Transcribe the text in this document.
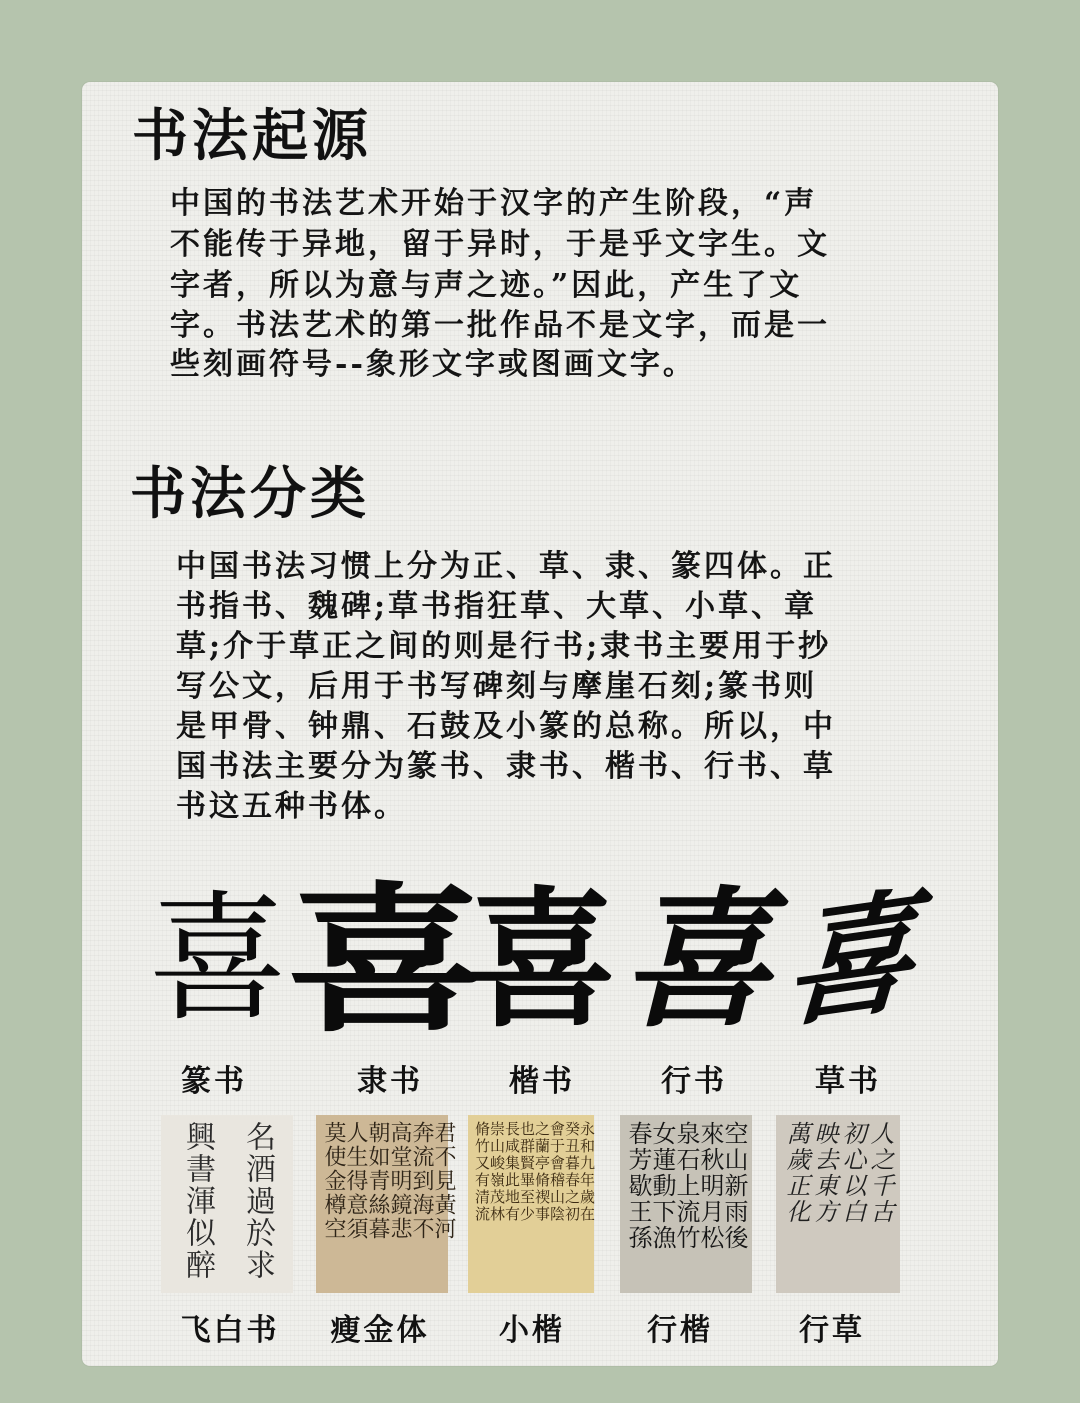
书法起源

中国的书法艺术开始于汉字的产生阶段，“声

不能传于异地，留于异时，于是乎文字生。文

字者，所以为意与声之迹。”因此，产生了文

字。书法艺术的第一批作品不是文字，而是一

些刻画符号--象形文字或图画文字。

书法分类

中国书法习惯上分为正、草、隶、篆四体。正

书指书、魏碑;草书指狂草、大草、小草、章

草;介于草正之间的则是行书;隶书主要用于抄

写公文，后用于书写碑刻与摩崖石刻;篆书则

是甲骨、钟鼎、石鼓及小篆的总称。所以，中

国书法主要分为篆书、隶书、楷书、行书、草

书这五种书体。

喜
喜
喜 喜 喜
篆书	隶书	楷书	行书	草书
名酒過於求
興書渾似醉	君不見黃河
奔流到海不
高堂明鏡悲
朝如青絲暮
人生得意須
莫使金樽空	永和九年歲在
癸丑暮春之初
會于會稽山陰
之蘭亭脩禊事
也群賢畢至少
長咸集此地有
崇山峻嶺茂林
脩竹又有清流	空山新雨後
來秋明月松
泉石上流竹
女蓮動下漁
春芳歇王孫	人之千古
初心以白
映去東方
萬歲正化
飞白书	瘦金体	小楷	行楷	行草
